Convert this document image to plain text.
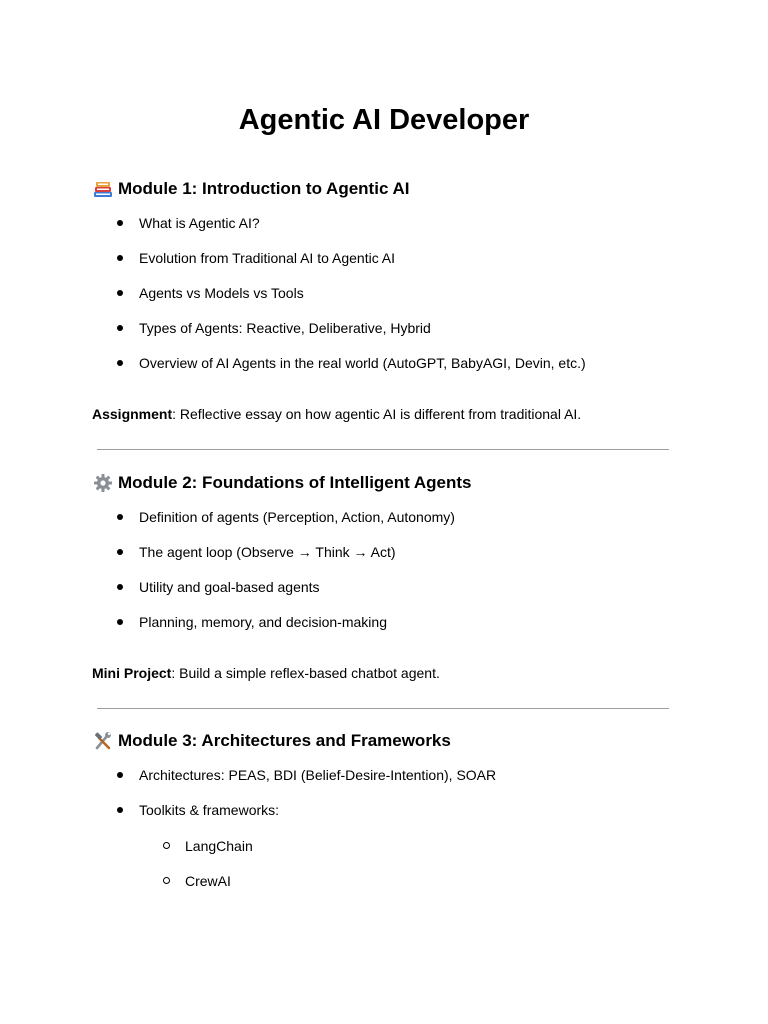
Agentic AI Developer
Module 1: Introduction to Agentic AI
What is Agentic AI?
Evolution from Traditional AI to Agentic AI
Agents vs Models vs Tools
Types of Agents: Reactive, Deliberative, Hybrid
Overview of AI Agents in the real world (AutoGPT, BabyAGI, Devin, etc.)

Assignment: Reflective essay on how agentic AI is different from traditional AI.

Module 2: Foundations of Intelligent Agents
Definition of agents (Perception, Action, Autonomy)
The agent loop (Observe → Think → Act)
Utility and goal-based agents
Planning, memory, and decision-making

Mini Project: Build a simple reflex-based chatbot agent.

Module 3: Architectures and Frameworks
Architectures: PEAS, BDI (Belief-Desire-Intention), SOAR
Toolkits & frameworks:
LangChain
CrewAI
